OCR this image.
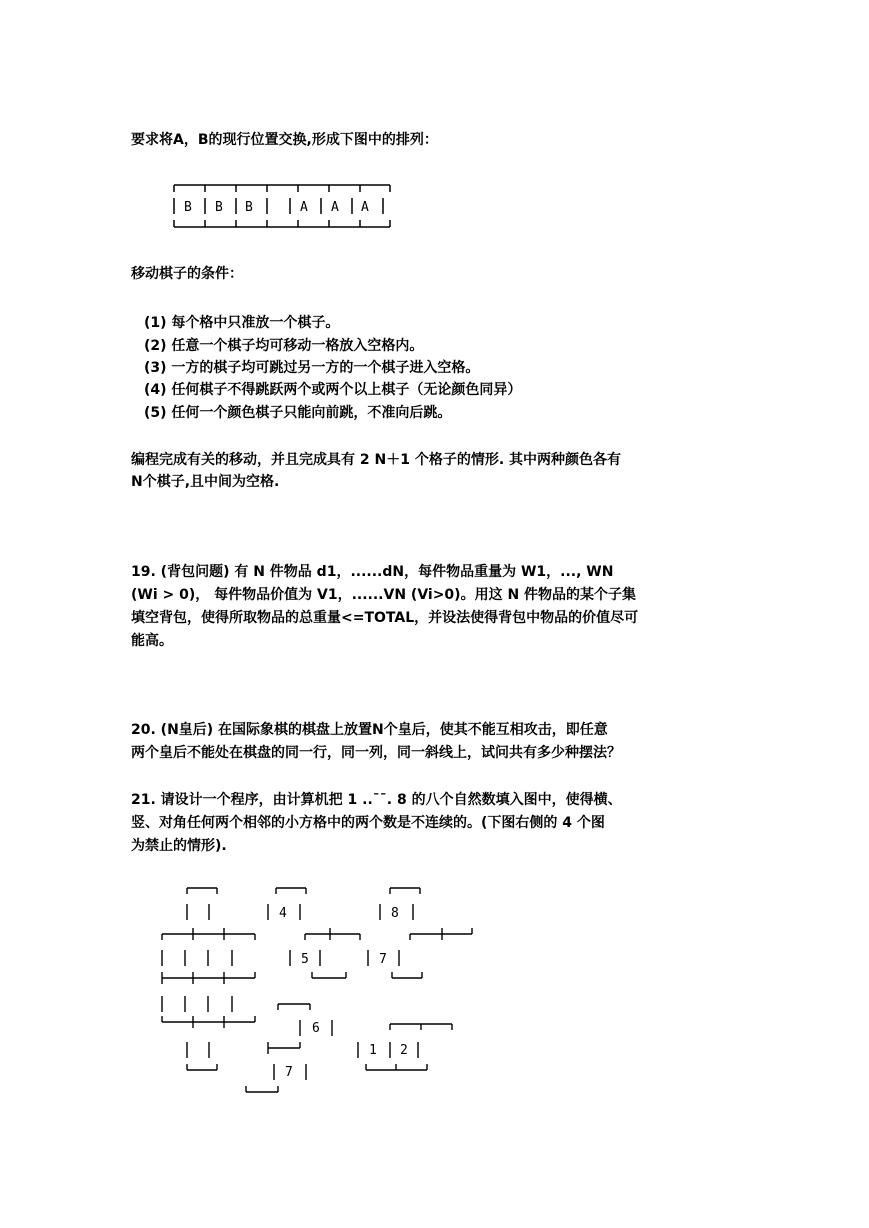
要求将A，B的现行位置交换,形成下图中的排列：
B B B	A A A
移动棋子的条件：
(1) 每个格中只准放一个棋子。
(2) 任意一个棋子均可移动一格放入空格内。
(3) 一方的棋子均可跳过另一方的一个棋子进入空格。
(4) 任何棋子不得跳跃两个或两个以上棋子（无论颜色同异）
(5) 任何一个颜色棋子只能向前跳，不准向后跳。
编程完成有关的移动，并且完成具有 2 N＋1 个格子的情形. 其中两种颜色各有
N个棋子,且中间为空格.
19. (背包问题) 有 N 件物品 d1，......dN，每件物品重量为 W1，..., WN
(Wi > 0)， 每件物品价值为 V1，......VN (Vi>0)。用这 N 件物品的某个子集
填空背包，使得所取物品的总重量<=TOTAL，并设法使得背包中物品的价值尽可
能高。
20. (N皇后) 在国际象棋的棋盘上放置N个皇后，使其不能互相攻击，即任意
两个皇后不能处在棋盘的同一行，同一列，同一斜线上，试问共有多少种摆法？
21. 请设计一个程序，由计算机把 1 ..¯¯. 8 的八个自然数填入图中，使得横、
竖、对角任何两个相邻的小方格中的两个数是不连续的。(下图右侧的 4 个图
为禁止的情形).
4	8
5	7
6
1 2
7
